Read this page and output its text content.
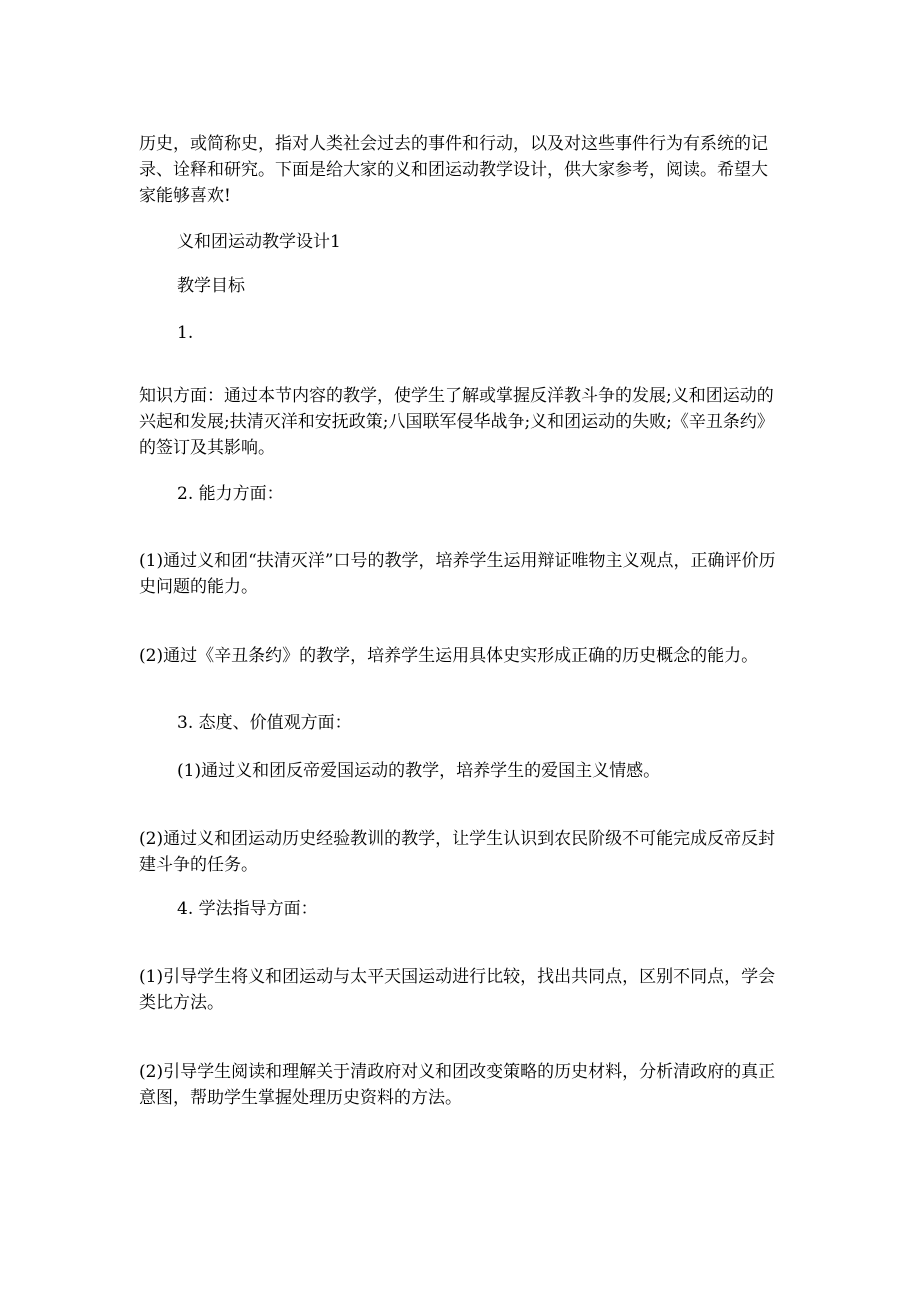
历史，或简称史，指对人类社会过去的事件和行动，以及对这些事件行为有系统的记录、诠释和研究。下面是给大家的义和团运动教学设计，供大家参考，阅读。希望大家能够喜欢!

义和团运动教学设计1

教学目标

1.

知识方面：通过本节内容的教学，使学生了解或掌握反洋教斗争的发展;义和团运动的兴起和发展;扶清灭洋和安抚政策;八国联军侵华战争;义和团运动的失败;《辛丑条约》的签订及其影响。

2. 能力方面：

(1)通过义和团“扶清灭洋”口号的教学，培养学生运用辩证唯物主义观点，正确评价历史问题的能力。

(2)通过《辛丑条约》的教学，培养学生运用具体史实形成正确的历史概念的能力。

3. 态度、价值观方面：

(1)通过义和团反帝爱国运动的教学，培养学生的爱国主义情感。

(2)通过义和团运动历史经验教训的教学，让学生认识到农民阶级不可能完成反帝反封建斗争的任务。

4. 学法指导方面：

(1)引导学生将义和团运动与太平天国运动进行比较，找出共同点，区别不同点，学会类比方法。

(2)引导学生阅读和理解关于清政府对义和团改变策略的历史材料，分析清政府的真正意图，帮助学生掌握处理历史资料的方法。
